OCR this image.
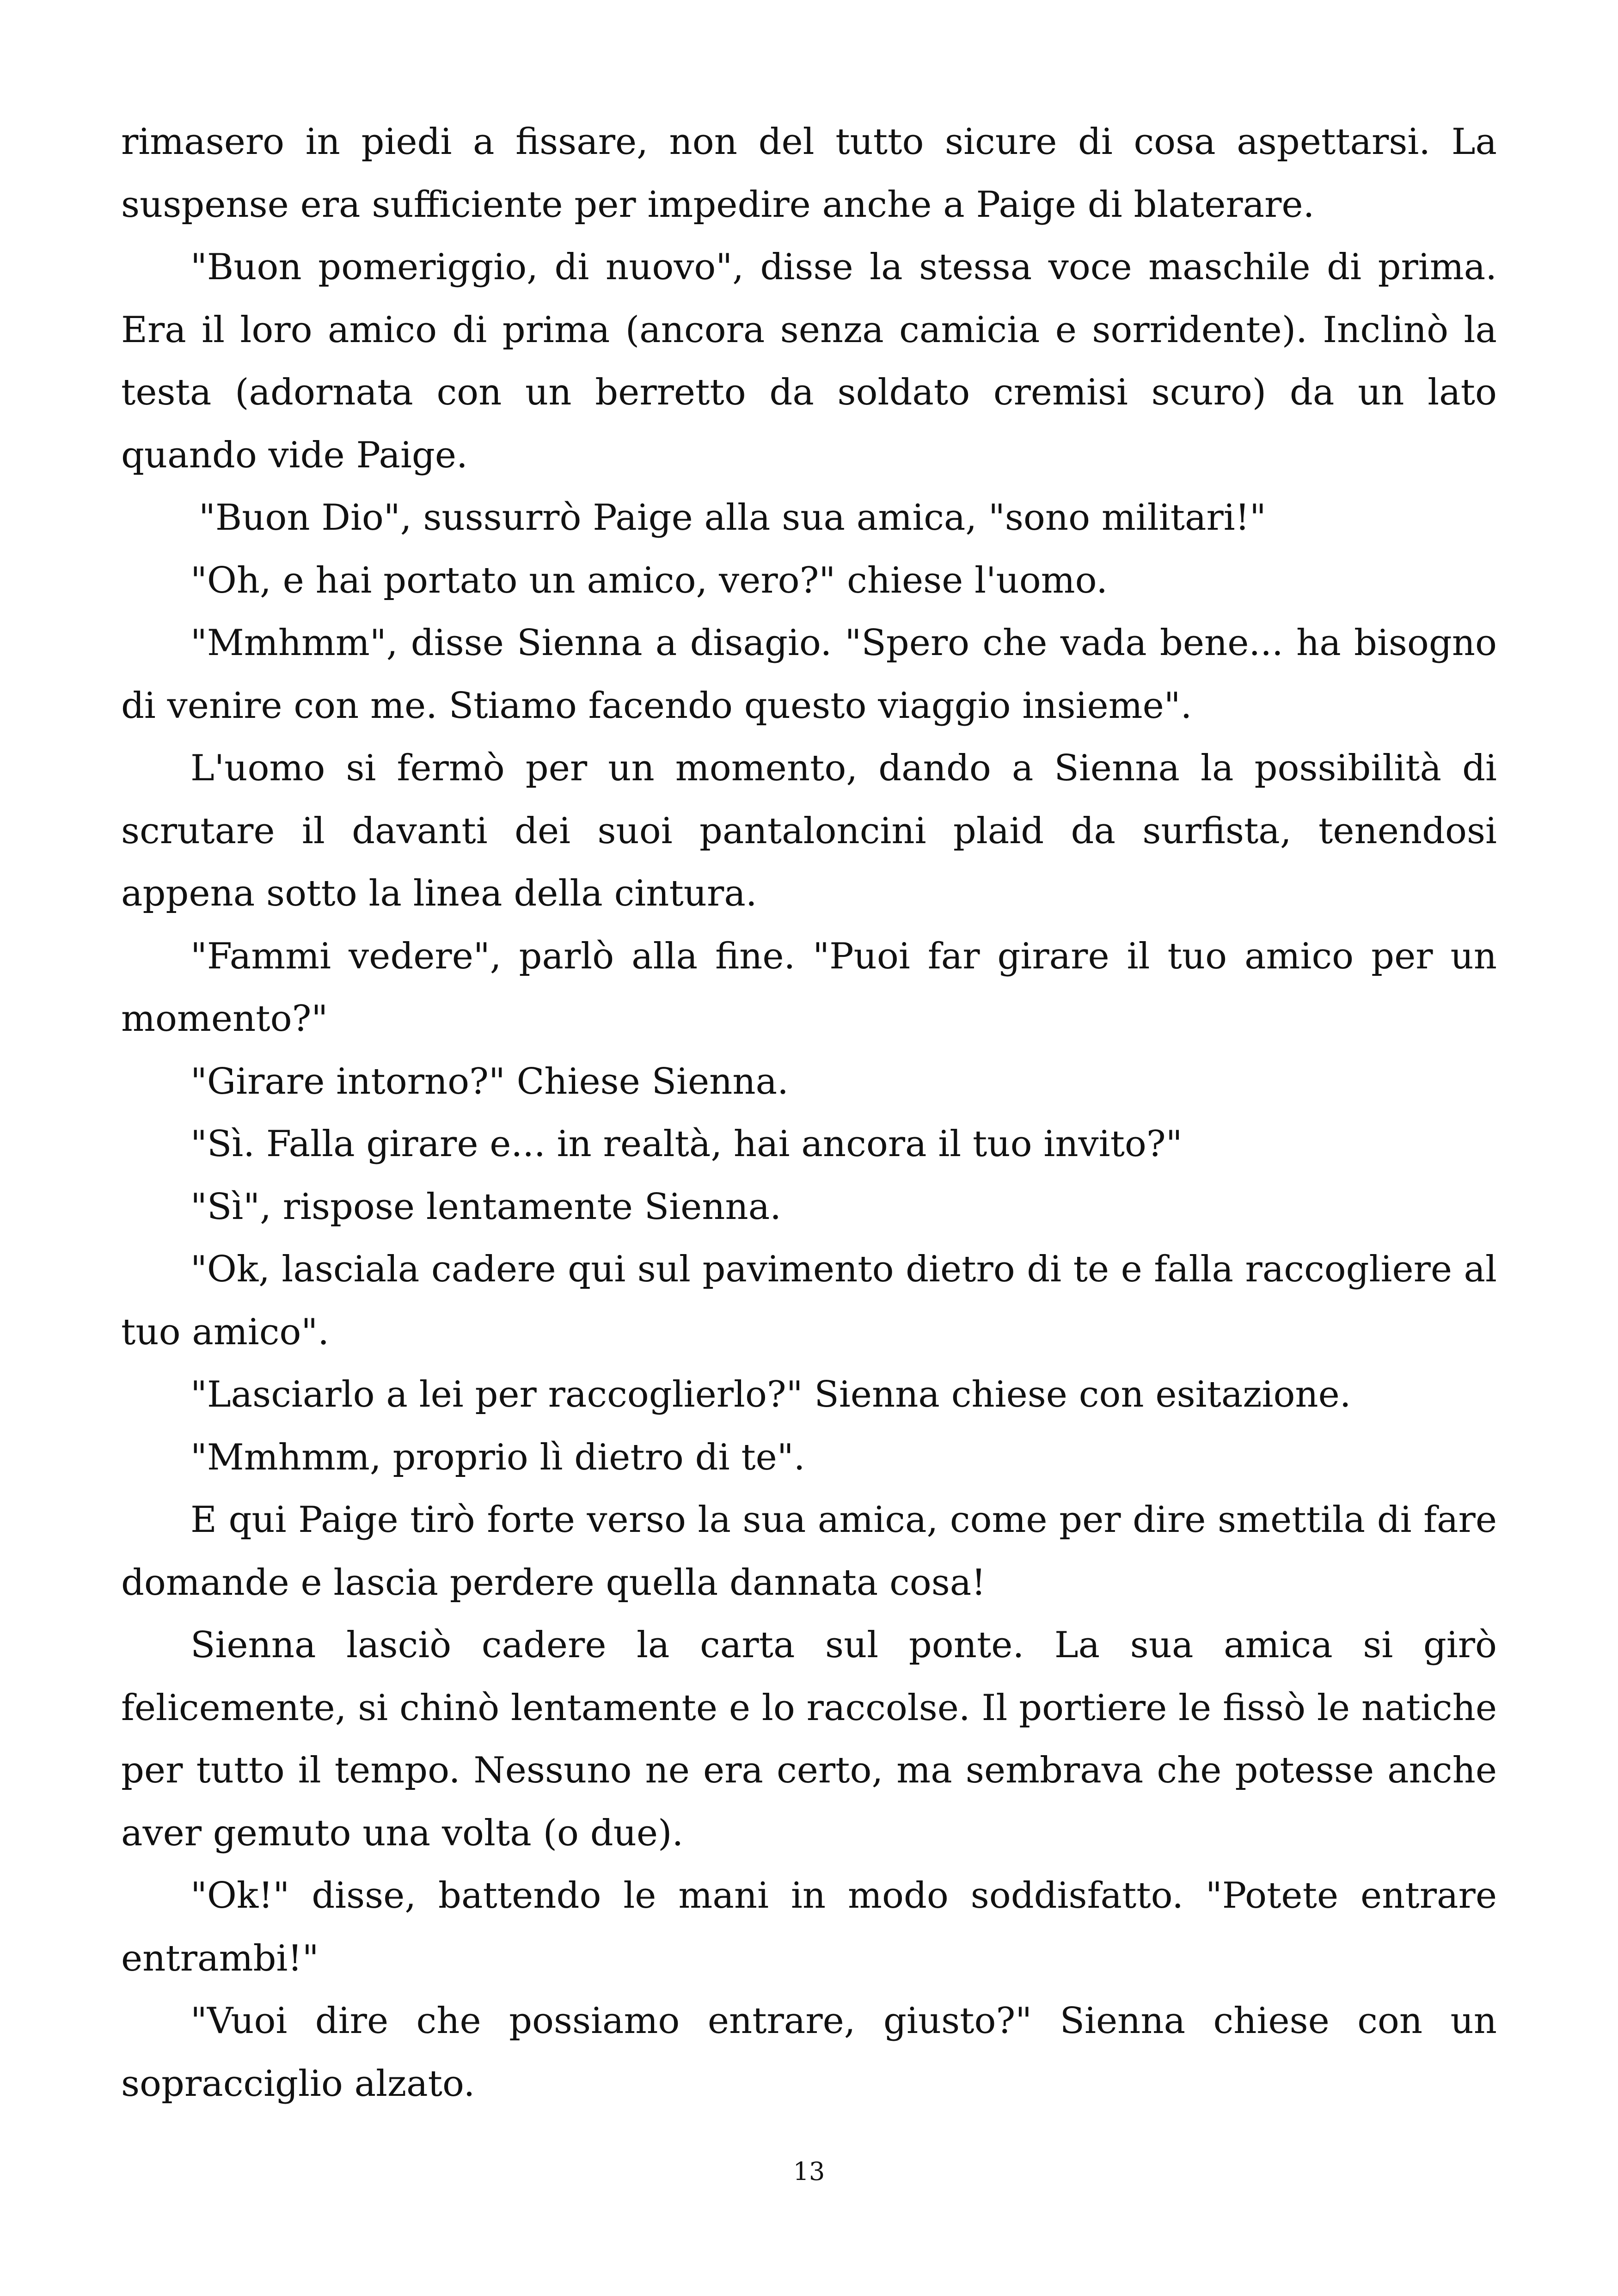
rimasero in piedi a fissare, non del tutto sicure di cosa aspettarsi. La suspense era sufficiente per impedire anche a Paige di blaterare.

"Buon pomeriggio, di nuovo", disse la stessa voce maschile di prima. Era il loro amico di prima (ancora senza camicia e sorridente). Inclinò la testa (adornata con un berretto da soldato cremisi scuro) da un lato quando vide Paige.

"Buon Dio", sussurrò Paige alla sua amica, "sono militari!"

"Oh, e hai portato un amico, vero?" chiese l'uomo.

"Mmhmm", disse Sienna a disagio. "Spero che vada bene... ha bisogno di venire con me. Stiamo facendo questo viaggio insieme".

L'uomo si fermò per un momento, dando a Sienna la possibilità di scrutare il davanti dei suoi pantaloncini plaid da surfista, tenendosi appena sotto la linea della cintura.

"Fammi vedere", parlò alla fine. "Puoi far girare il tuo amico per un momento?"

"Girare intorno?" Chiese Sienna.

"Sì. Falla girare e... in realtà, hai ancora il tuo invito?"

"Sì", rispose lentamente Sienna.

"Ok, lasciala cadere qui sul pavimento dietro di te e falla raccogliere al tuo amico".

"Lasciarlo a lei per raccoglierlo?" Sienna chiese con esitazione.

"Mmhmm, proprio lì dietro di te".

E qui Paige tirò forte verso la sua amica, come per dire smettila di fare domande e lascia perdere quella dannata cosa!

Sienna lasciò cadere la carta sul ponte. La sua amica si girò felicemente, si chinò lentamente e lo raccolse. Il portiere le fissò le natiche per tutto il tempo. Nessuno ne era certo, ma sembrava che potesse anche aver gemuto una volta (o due).

"Ok!" disse, battendo le mani in modo soddisfatto. "Potete entrare entrambi!"

"Vuoi dire che possiamo entrare, giusto?" Sienna chiese con un sopracciglio alzato.

13
